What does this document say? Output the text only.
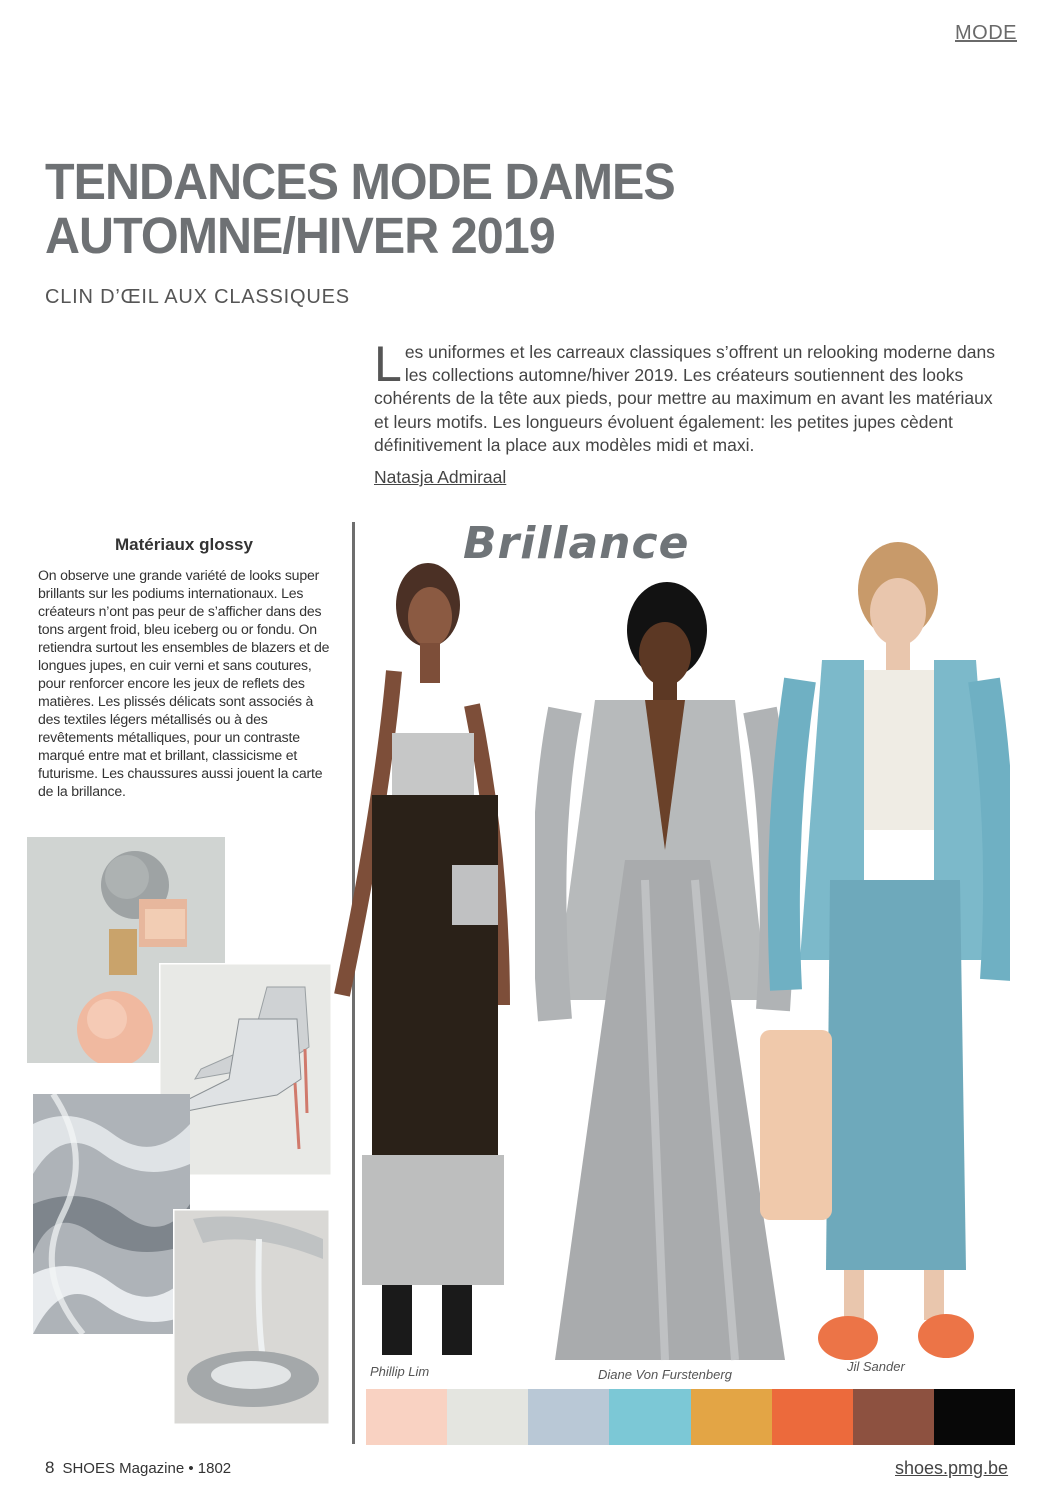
MODE
TENDANCES MODE DAMES
AUTOMNE/HIVER 2019
CLIN D’ŒIL AUX CLASSIQUES
Les uniformes et les carreaux classiques s’offrent un relooking moderne dans les collections automne/hiver 2019. Les créateurs soutiennent des looks cohérents de la tête aux pieds, pour mettre au maximum en avant les matériaux et leurs motifs. Les longueurs évoluent également: les petites jupes cèdent définitivement la place aux modèles midi et maxi.
Natasja Admiraal
Matériaux glossy
On observe une grande variété de looks super brillants sur les podiums internationaux. Les créateurs n’ont pas peur de s’afficher dans des tons argent froid, bleu iceberg ou or fondu. On retiendra surtout les ensembles de blazers et de longues jupes, en cuir verni et sans coutures, pour renforcer encore les jeux de reflets des matières. Les plissés délicats sont associés à des textiles légers métallisés ou à des revêtements métalliques, pour un contraste marqué entre mat et brillant, classicisme et futurisme. Les chaussures aussi jouent la carte de la brillance.
Brillance
Phillip Lim	Diane Von Furstenberg
Jil Sander
8 SHOES Magazine • 1802	shoes.pmg.be
